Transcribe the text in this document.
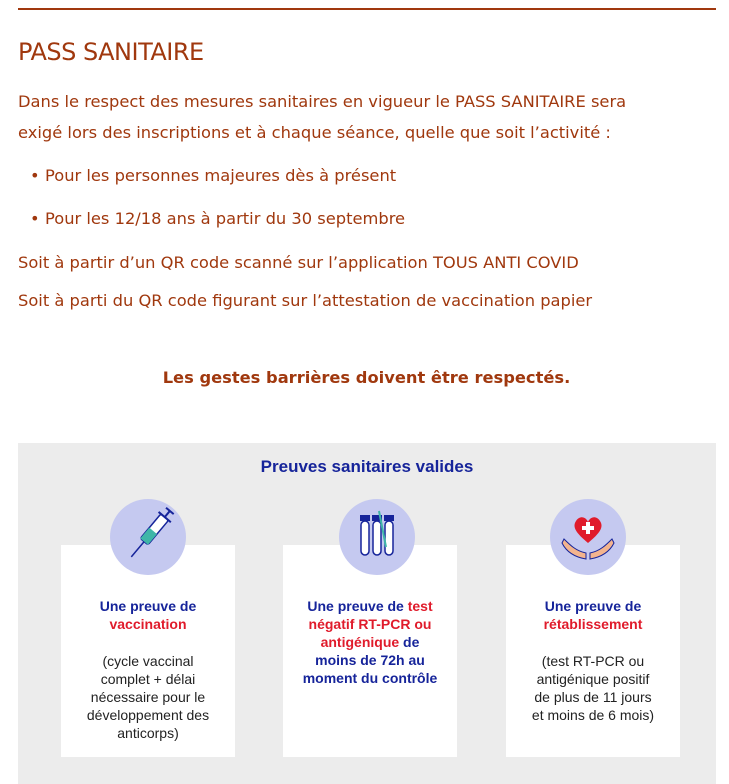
PASS SANITAIRE
Dans le respect des mesures sanitaires en vigueur le PASS SANITAIRE sera
exigé lors des inscriptions et à chaque séance, quelle que soit l’activité :
• Pour les personnes majeures dès à présent
• Pour les 12/18 ans à partir du 30 septembre
Soit à partir d’un QR code scanné sur l’application TOUS ANTI COVID
Soit à parti du QR code figurant sur l’attestation de vaccination papier

Les gestes barrières doivent être respectés.

Preuves sanitaires valides
Une preuve de
vaccination
(cycle vaccinal
complet + délai
nécessaire pour le
développement des
anticorps)
Une preuve de test
négatif RT-PCR ou
antigénique de
moins de 72h au
moment du contrôle
Une preuve de
rétablissement
(test RT-PCR ou
antigénique positif
de plus de 11 jours
et moins de 6 mois)
